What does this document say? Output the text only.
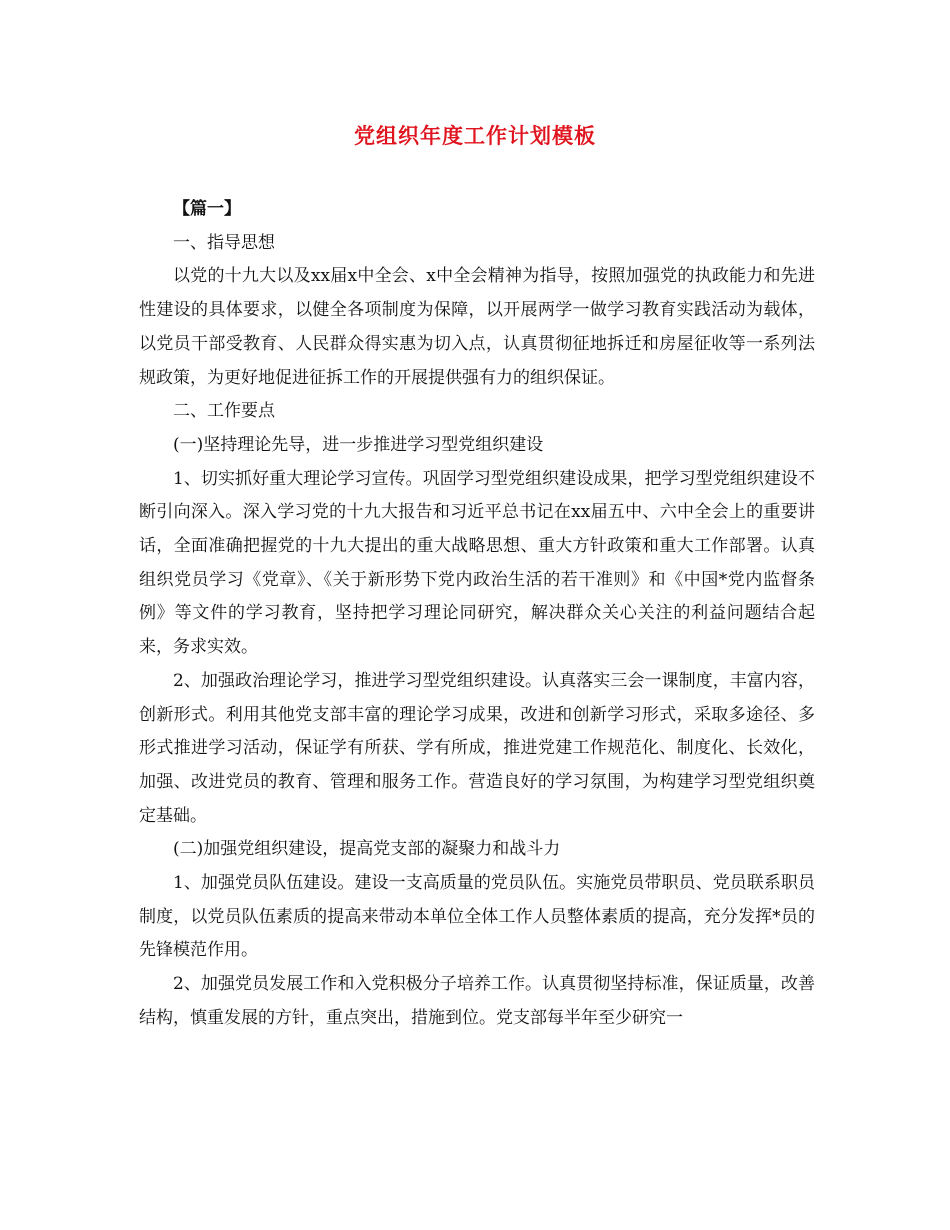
党组织年度工作计划模板

【篇一】

一、指导思想

以党的十九大以及xx届x中全会、x中全会精神为指导，按照加强党的执政能力和先进性建设的具体要求，以健全各项制度为保障，以开展两学一做学习教育实践活动为载体，以党员干部受教育、人民群众得实惠为切入点，认真贯彻征地拆迁和房屋征收等一系列法规政策，为更好地促进征拆工作的开展提供强有力的组织保证。

二、工作要点

(一)坚持理论先导，进一步推进学习型党组织建设

1、切实抓好重大理论学习宣传。巩固学习型党组织建设成果，把学习型党组织建设不断引向深入。深入学习党的十九大报告和习近平总书记在xx届五中、六中全会上的重要讲话，全面准确把握党的十九大提出的重大战略思想、重大方针政策和重大工作部署。认真组织党员学习《党章》、《关于新形势下党内政治生活的若干准则》和《中国*党内监督条例》等文件的学习教育，坚持把学习理论同研究，解决群众关心关注的利益问题结合起来，务求实效。

2、加强政治理论学习，推进学习型党组织建设。认真落实三会一课制度，丰富内容，创新形式。利用其他党支部丰富的理论学习成果，改进和创新学习形式，采取多途径、多形式推进学习活动，保证学有所获、学有所成，推进党建工作规范化、制度化、长效化，加强、改进党员的教育、管理和服务工作。营造良好的学习氛围，为构建学习型党组织奠定基础。

(二)加强党组织建设，提高党支部的凝聚力和战斗力

1、加强党员队伍建设。建设一支高质量的党员队伍。实施党员带职员、党员联系职员制度，以党员队伍素质的提高来带动本单位全体工作人员整体素质的提高，充分发挥*员的先锋模范作用。

2、加强党员发展工作和入党积极分子培养工作。认真贯彻坚持标准，保证质量，改善结构，慎重发展的方针，重点突出，措施到位。党支部每半年至少研究一
